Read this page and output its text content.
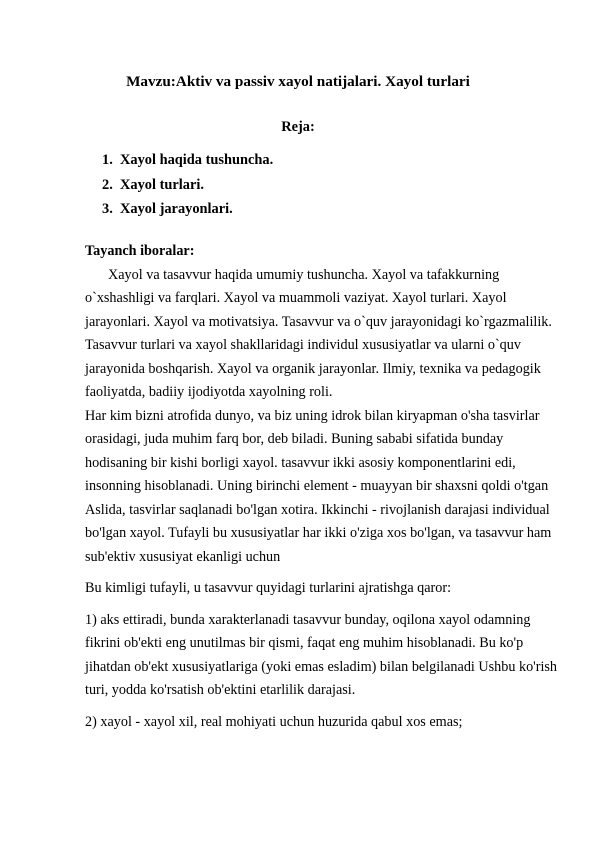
Mavzu:Aktiv va passiv xayol natijalari. Xayol turlari
Reja:
1. Xayol haqida tushuncha.
2. Xayol turlari.
3. Xayol jarayonlari.

Tayanch iboralar:

Xayol va tasavvur haqida umumiy tushuncha. Xayol va tafakkurning

o`xshashligi va farqlari. Xayol va muammoli vaziyat. Xayol turlari. Xayol

jarayonlari. Xayol va motivatsiya. Tasavvur va o`quv jarayonidagi ko`rgazmalilik.

Tasavvur turlari va xayol shakllaridagi individul xususiyatlar va ularni o`quv

jarayonida boshqarish. Xayol va organik jarayonlar. Ilmiy, texnika va pedagogik

faoliyatda, badiiy ijodiyotda xayolning roli.

Har kim bizni atrofida dunyo, va biz uning idrok bilan kiryapman o'sha tasvirlar

orasidagi, juda muhim farq bor, deb biladi. Buning sababi sifatida bunday

hodisaning bir kishi borligi xayol. tasavvur ikki asosiy komponentlarini edi,

insonning hisoblanadi. Uning birinchi element - muayyan bir shaxsni qoldi o'tgan

Aslida, tasvirlar saqlanadi bo'lgan xotira. Ikkinchi - rivojlanish darajasi individual

bo'lgan xayol. Tufayli bu xususiyatlar har ikki o'ziga xos bo'lgan, va tasavvur ham

sub'ektiv xususiyat ekanligi uchun

Bu kimligi tufayli, u tasavvur quyidagi turlarini ajratishga qaror:

1) aks ettiradi, bunda xarakterlanadi tasavvur bunday, oqilona xayol odamning

fikrini ob'ekti eng unutilmas bir qismi, faqat eng muhim hisoblanadi. Bu ko'p

jihatdan ob'ekt xususiyatlariga (yoki emas esladim) bilan belgilanadi Ushbu ko'rish

turi, yodda ko'rsatish ob'ektini etarlilik darajasi.

2) xayol - xayol xil, real mohiyati uchun huzurida qabul xos emas;
